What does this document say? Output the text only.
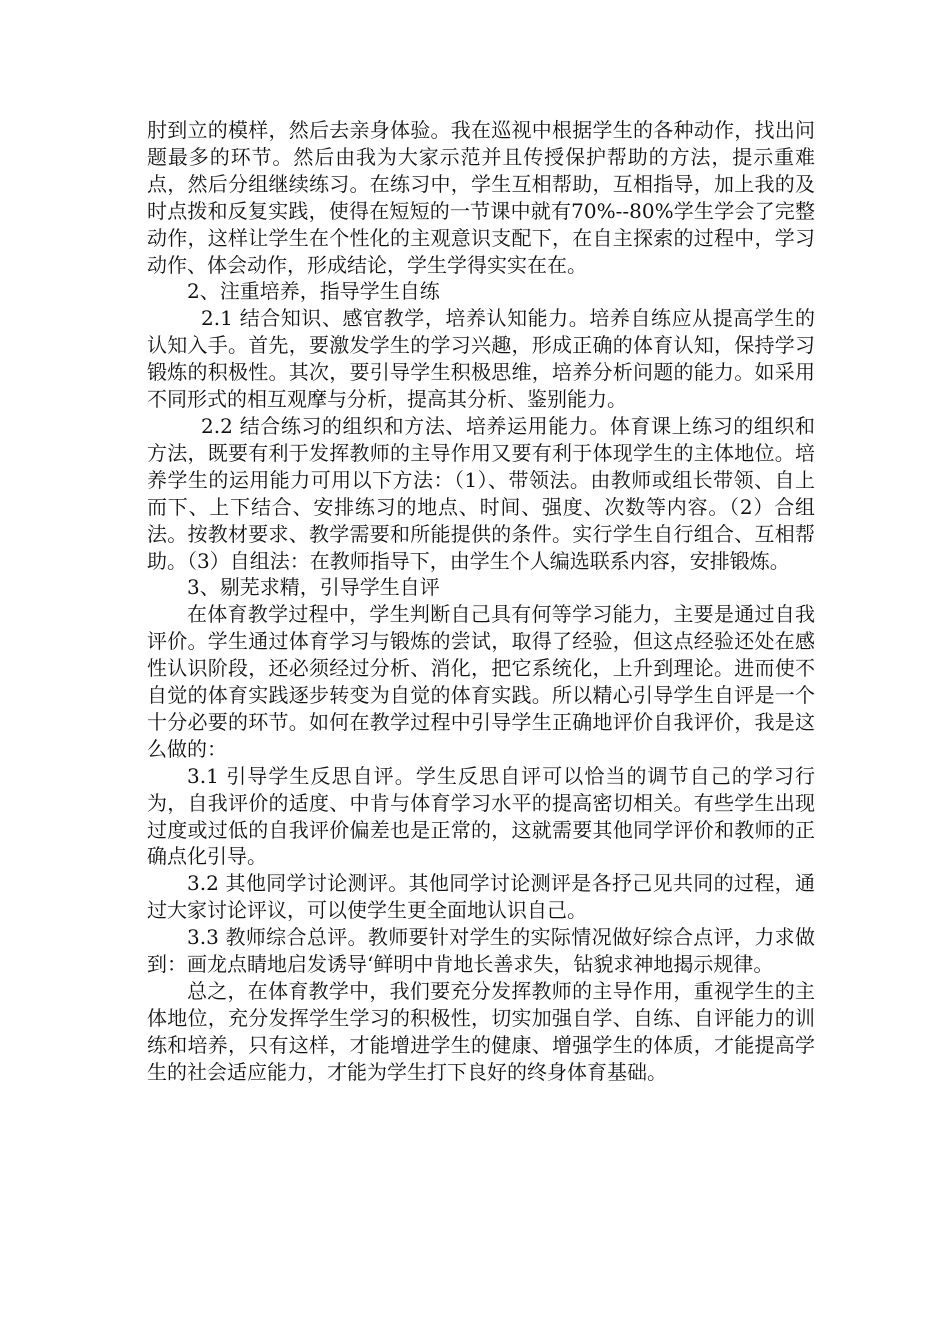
肘到立的模样，然后去亲身体验。我在巡视中根据学生的各种动作，找出问题最多的环节。然后由我为大家示范并且传授保护帮助的方法，提示重难点，然后分组继续练习。在练习中，学生互相帮助，互相指导，加上我的及时点拨和反复实践，使得在短短的一节课中就有70%--80%学生学会了完整动作，这样让学生在个性化的主观意识支配下，在自主探索的过程中，学习动作、体会动作，形成结论，学生学得实实在在。

2、注重培养，指导学生自练

2.1 结合知识、感官教学，培养认知能力。培养自练应从提高学生的认知入手。首先，要激发学生的学习兴趣，形成正确的体育认知，保持学习锻炼的积极性。其次，要引导学生积极思维，培养分析问题的能力。如采用不同形式的相互观摩与分析，提高其分析、鉴别能力。

2.2 结合练习的组织和方法、培养运用能力。体育课上练习的组织和方法，既要有利于发挥教师的主导作用又要有利于体现学生的主体地位。培养学生的运用能力可用以下方法：（1）、带领法。由教师或组长带领、自上而下、上下结合、安排练习的地点、时间、强度、次数等内容。（2）合组法。按教材要求、教学需要和所能提供的条件。实行学生自行组合、互相帮助。（3）自组法：在教师指导下，由学生个人编选联系内容，安排锻炼。

3、剔芜求精，引导学生自评

在体育教学过程中，学生判断自己具有何等学习能力，主要是通过自我评价。学生通过体育学习与锻炼的尝试，取得了经验，但这点经验还处在感性认识阶段，还必须经过分析、消化，把它系统化，上升到理论。进而使不自觉的体育实践逐步转变为自觉的体育实践。所以精心引导学生自评是一个十分必要的环节。如何在教学过程中引导学生正确地评价自我评价，我是这么做的：

3.1 引导学生反思自评。学生反思自评可以恰当的调节自己的学习行为，自我评价的适度、中肯与体育学习水平的提高密切相关。有些学生出现过度或过低的自我评价偏差也是正常的，这就需要其他同学评价和教师的正确点化引导。

3.2 其他同学讨论测评。其他同学讨论测评是各抒己见共同的过程，通过大家讨论评议，可以使学生更全面地认识自己。

3.3 教师综合总评。教师要针对学生的实际情况做好综合点评，力求做到：画龙点睛地启发诱导‘鲜明中肯地长善求失，钻貌求神地揭示规律。

总之，在体育教学中，我们要充分发挥教师的主导作用，重视学生的主体地位，充分发挥学生学习的积极性，切实加强自学、自练、自评能力的训练和培养，只有这样，才能增进学生的健康、增强学生的体质，才能提高学生的社会适应能力，才能为学生打下良好的终身体育基础。
